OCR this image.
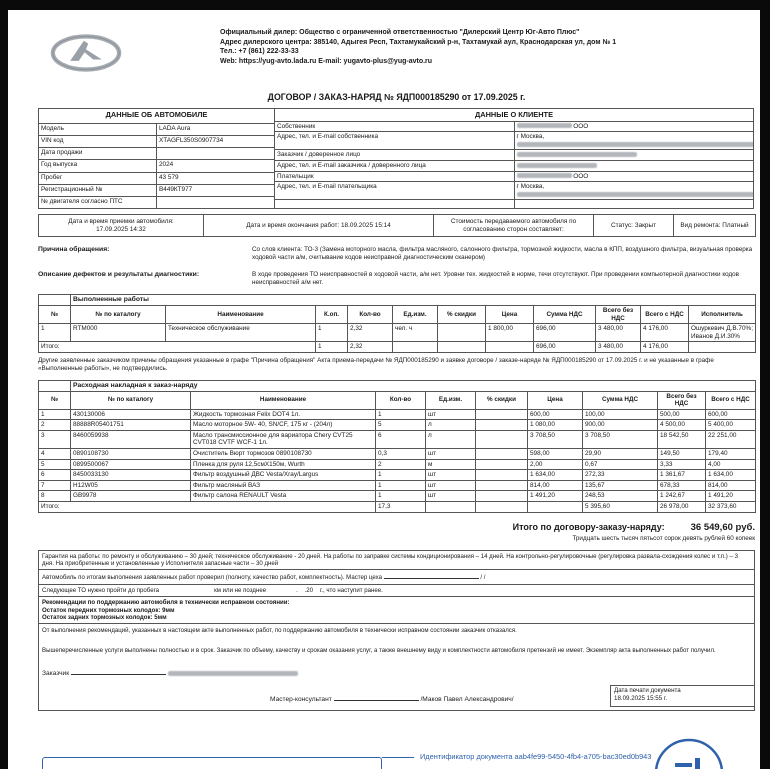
Официальный дилер: Общество с ограниченной ответственностью "Дилерский Центр Юг-Авто Плюс"
Адрес дилерского центра: 385140, Адыгея Респ, Тахтамукайский р-н, Тахтамукай аул, Краснодарская ул, дом № 1
Тел.: +7 (861) 222-33-33
Web: https://yug-avto.lada.ru E-mail: yugavto-plus@yug-avto.ru
ДОГОВОР / ЗАКАЗ-НАРЯД № ЯДП000185290 от 17.09.2025 г.
ДАННЫЕ ОБ АВТОМОБИЛЕ	
Модель	LADA Aura
VIN код	XTAGFL350S0907734
Дата продажи	
Год выпуска	2024
Пробег	43 579
Регистрационный №	В449КТ977
№ двигателя согласно ПТС	
ДАННЫЕ О КЛИЕНТЕ	
Собственник	ООО
Адрес, тел. и E-mail собственника	г Москва,
Заказчик / доверенное лицо	
Адрес, тел. и E-mail заказчика / доверенного лица	
Плательщик	ООО
Адрес, тел. и E-mail плательщика	г Москва,

Дата и время приемки автомобиля:
17.09.2025 14:32
	Дата и время окончания работ: 18.09.2025 15:14	Стоимость передаваемого автомобиля по согласованию сторон составляет:	Статус: Закрыт	Вид ремонта: Платный
Причина обращения:	Со слов клиента: ТО-3 (Замена моторного масла, фильтра масляного, салонного фильтра, тормозной жидкости, масла в КПП, воздушного фильтра, визуальная проверка ходовой части а/м, считывание кодов неисправной диагностическим сканером)
Описание дефектов и результаты диагностики:	В ходе проведения ТО неисправностей в ходовой части, а/м нет. Уровни тех. жидкостей в норме, течи отсутствуют. При проведении компьютерной диагностики кодов неисправностей а/м нет.
	Выполненные работы										
№	№ по каталогу	Наименование	К.оп.	Кол-во	Ед.изм.	% скидки	Цена	Сумма НДС	Всего без НДС	Всего с НДС	Исполнитель
1	RTM000	Техническое обслуживание	1	2,32	чел. ч		1 800,00	696,00	3 480,00	4 176,00	Ошуркевич Д.В.70%; Иванов Д.И.30%
Итого:			1	2,32				696,00	3 480,00	4 176,00	
Другие заявленные заказчиком причины обращения указанные в графе "Причина обращения" Акта приема-передачи № ЯДП000185290 и заявке договоре / заказе-наряде № ЯДП000185290 от 17.09.2025 г. и не указанные в графе «Выполненные работы», не подтвердились.
	Расходная накладная к заказ-наряду								
№	№ по каталогу	Наименование	Кол-во	Ед.изм.	% скидки	Цена	Сумма НДС	Всего без НДС	Всего с НДС
1	430130006	Жидкость тормозная Felix DOT4 1л.	1	шт		600,00	100,00	500,00	600,00
2	88888R05401751	Масло моторное 5W- 40, SN/CF, 175 кг - (204л)	5	л		1 080,00	900,00	4 500,00	5 400,00
3	8460059938	Масло трансмиссионное для вариатора Chery CVT25 CVT018 CVTF WCF-1 1л.	6	л		3 708,50	3 708,50	18 542,50	22 251,00
4	0890108730	Очиститель Вюрт тормозов 0890108730	0,3	шт		598,00	29,90	149,50	179,40
5	0899500067	Пленка для руля 12,5смХ150м, Wurth	2	м		2,00	0,67	3,33	4,00
6	8450033130	Фильтр воздушный ДВС Vesta/Xray/Largus	1	шт		1 634,00	272,33	1 361,67	1 634,00
7	H12W05	Фильтр масляный ВАЗ	1	шт		814,00	135,67	678,33	814,00
8	GB9978	Фильтр салона RENAULT Vesta	1	шт		1 491,20	248,53	1 242,67	1 491,20
Итого:			17,3				5 395,60	26 978,00	32 373,60
Итого по договору-заказу-наряду:	36 549,60 руб.
Тридцать шесть тысяч пятьсот сорок девять рублей 60 копеек
Гарантия на работы: по ремонту и обслуживанию – 30 дней; техническое обслуживание - 20 дней. На работы по заправке системы кондиционирования – 14 дней. На контрольно-регулировочные (регулировка развала-схождения колес и т.п.) – 3 дня. На приобретенные и установленные у Исполнителя запасные части – 30 дней
Автомобиль по итогам выполнения заявленных работ проверил (полноту, качество работ, комплектность). Мастер цеха	/ /
Следующее ТО нужно пройти до пробега	км или не позднее	.    .20    г., что наступит ранее.
Рекомендации по поддержанию автомобиля в технически исправном состоянии:
Остаток передних тормозных колодок: 9мм
Остаток задних тормозных колодок: 5мм
От выполнения рекомендаций, указанных в настоящем акте выполненных работ, по поддержанию автомобиля в технически исправном состоянии заказчик отказался.
Вышеперечисленные услуги выполнены полностью и в срок. Заказчик по объему, качеству и срокам оказания услуг, а также внешнему виду и комплектности автомобиля претензий не имеет. Экземпляр акта выполненных работ получил.
Заказчик
Мастер-консультант	/Маков Павел Александрович/
Дата печати документа
18.09.2025 15:55 г.
Идентификатор документа aab4fe99-5450-4fb4-a705-bac30ed0b943
